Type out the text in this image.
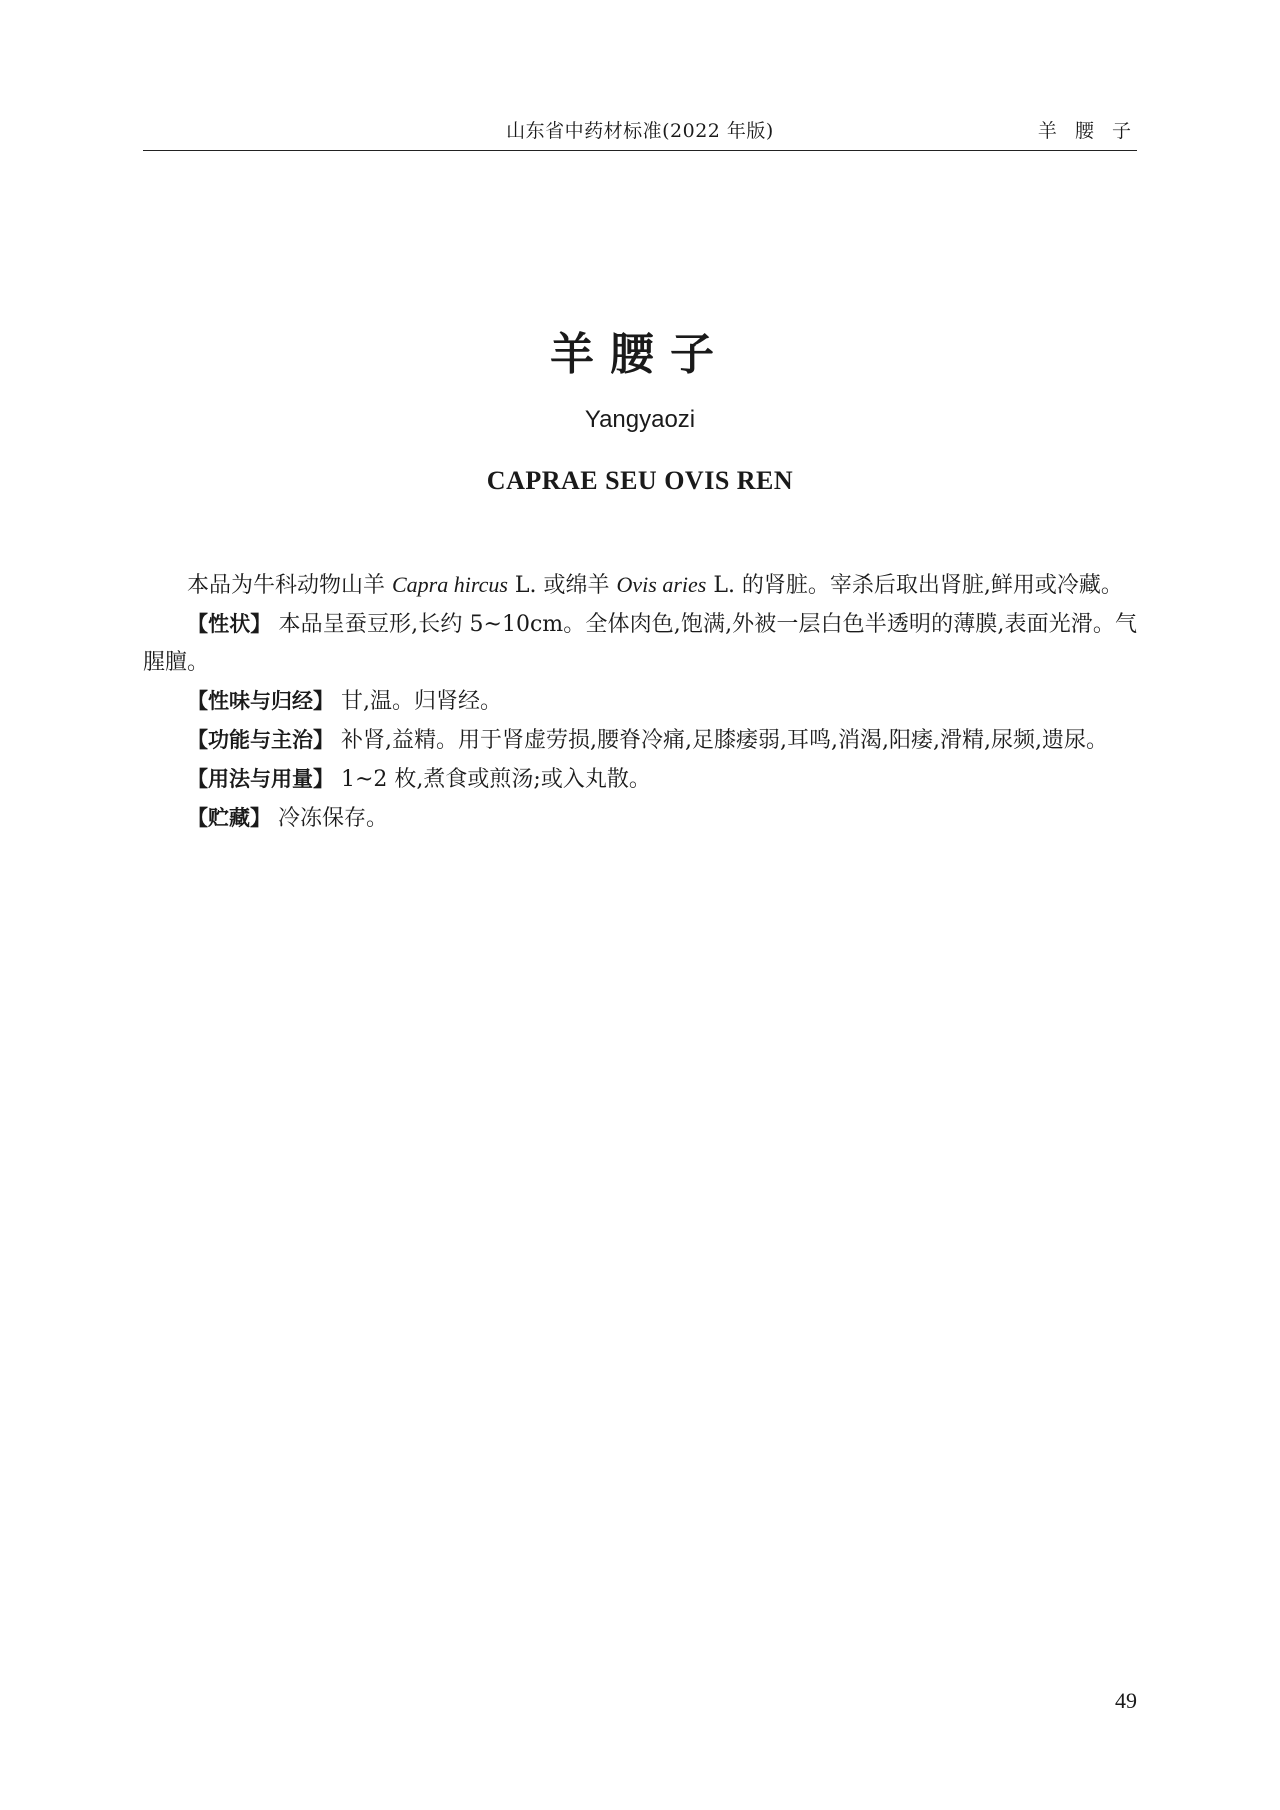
山东省中药材标准(2022 年版)	羊 腰 子
羊腰子
Yangyaozi
CAPRAE SEU OVIS REN

本品为牛科动物山羊 Capra hircus L. 或绵羊 Ovis aries L. 的肾脏。宰杀后取出肾脏,鲜用或冷藏。

【性状】 本品呈蚕豆形,长约 5~10cm。全体肉色,饱满,外被一层白色半透明的薄膜,表面光滑。气腥膻。

【性味与归经】 甘,温。归肾经。

【功能与主治】 补肾,益精。用于肾虚劳损,腰脊冷痛,足膝痿弱,耳鸣,消渴,阳痿,滑精,尿频,遗尿。

【用法与用量】 1~2 枚,煮食或煎汤;或入丸散。

【贮藏】 冷冻保存。

49
